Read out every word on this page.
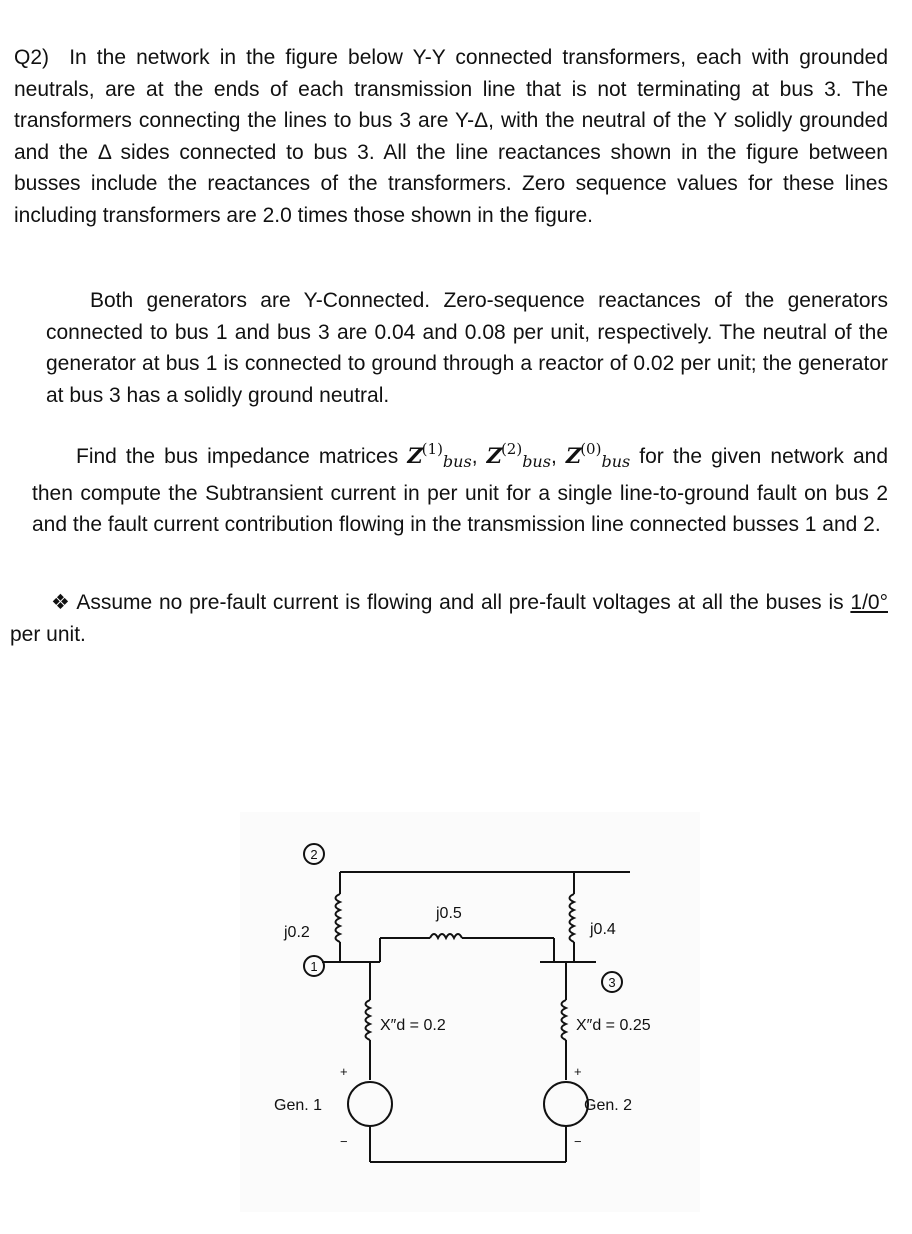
Q2) In the network in the figure below Y-Y connected transformers, each with grounded neutrals, are at the ends of each transmission line that is not terminating at bus 3. The transformers connecting the lines to bus 3 are Y-Δ, with the neutral of the Y solidly grounded and the Δ sides connected to bus 3. All the line reactances shown in the figure between busses include the reactances of the transformers. Zero sequence values for these lines including transformers are 2.0 times those shown in the figure.

Both generators are Y-Connected. Zero-sequence reactances of the generators connected to bus 1 and bus 3 are 0.04 and 0.08 per unit, respectively. The neutral of the generator at bus 1 is connected to ground through a reactor of 0.02 per unit; the generator at bus 3 has a solidly ground neutral.

Find the bus impedance matrices $Z^{(1)}_{bus}$, $Z^{(2)}_{bus}$, $Z^{(0)}_{bus}$ for the given network and then compute the Subtransient current in per unit for a single line-to-ground fault on bus 2 and the fault current contribution flowing in the transmission line connected busses 1 and 2.

❖ Assume no pre-fault current is flowing and all pre-fault voltages at all the buses is 1/0° per unit.

2
1
3
j0.2
j0.5
j0.4
X″d = 0.2	X″d = 0.25
Gen. 1	Gen. 2
+	+
−	−
